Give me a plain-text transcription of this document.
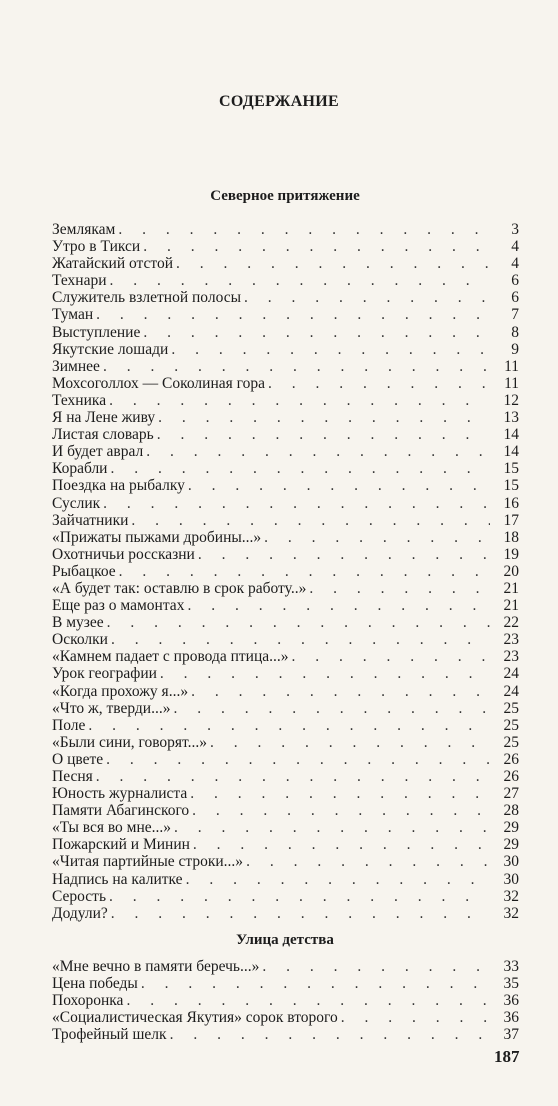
СОДЕРЖАНИЕ
Северное притяжение
Землякам . . .	3
Утро в Тикси . . .	4
Жатайский отстой . . .	4
Технари . . .	6
Служитель взлетной полосы . . .	6
Туман . . .	7
Выступление . . .	8
Якутские лошади . . .	9
Зимнее . . .	11
Мохсоголлох — Соколиная гора . . .	11
Техника . . .	12
Я на Лене живу . . .	13
Листая словарь . . .	14
И будет аврал . . .	14
Корабли . . .	15
Поездка на рыбалку . . .	15
Суслик . . .	16
Зайчатники . . .	17
«Прижаты пыжами дробины...» . . .	18
Охотничьи россказни . . .	19
Рыбацкое . . .	20
«А будет так: оставлю в срок работу..» . . .	21
Еще раз о мамонтах . . .	21
В музее . . .	22
Осколки . . .	23
«Камнем падает с провода птица...» . . .	23
Урок географии . . .	24
«Когда прохожу я...» . . .	24
«Что ж, тверди...» . . .	25
Поле . . .	25
«Были сини, говорят...» . . .	25
О цвете . . .	26
Песня . . .	26
Юность журналиста . . .	27
Памяти Абагинского . . .	28
«Ты вся во мне...» . . .	29
Пожарский и Минин . . .	29
«Читая партийные строки...» . . .	30
Надпись на калитке . . .	30
Серость . . .	32
Додули? . . .	32
Улица детства
«Мне вечно в памяти беречь...» . . .	33
Цена победы . . .	35
Похоронка . . .	36
«Социалистическая Якутия» сорок второго . . .	36
Трофейный шелк . . .	37
187
